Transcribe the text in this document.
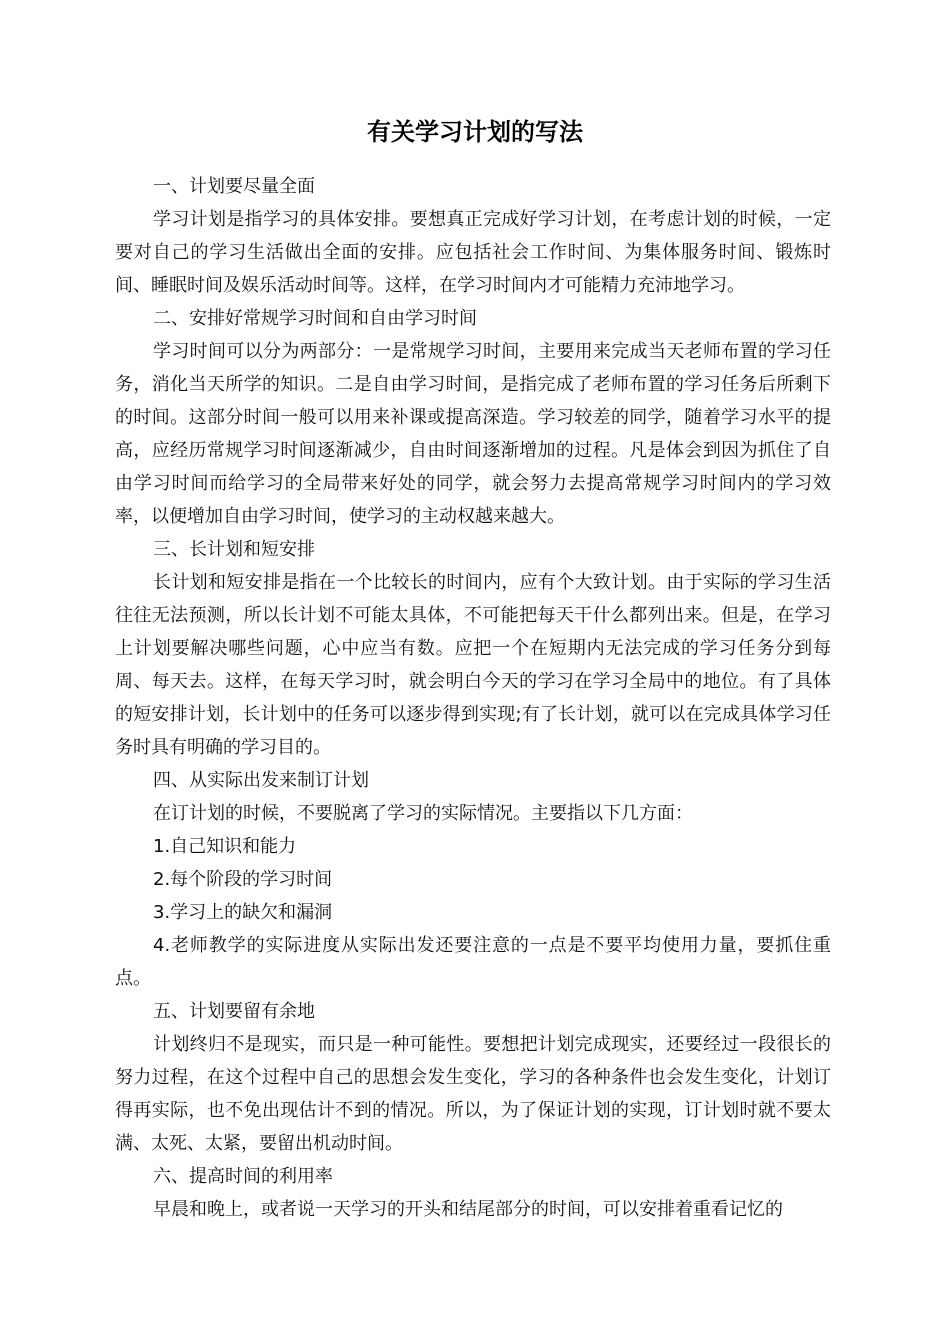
有关学习计划的写法

一、计划要尽量全面

学习计划是指学习的具体安排。要想真正完成好学习计划，在考虑计划的时候，一定要对自己的学习生活做出全面的安排。应包括社会工作时间、为集体服务时间、锻炼时间、睡眠时间及娱乐活动时间等。这样，在学习时间内才可能精力充沛地学习。

二、安排好常规学习时间和自由学习时间

学习时间可以分为两部分：一是常规学习时间，主要用来完成当天老师布置的学习任务，消化当天所学的知识。二是自由学习时间，是指完成了老师布置的学习任务后所剩下的时间。这部分时间一般可以用来补课或提高深造。学习较差的同学，随着学习水平的提高，应经历常规学习时间逐渐减少，自由时间逐渐增加的过程。凡是体会到因为抓住了自由学习时间而给学习的全局带来好处的同学，就会努力去提高常规学习时间内的学习效率，以便增加自由学习时间，使学习的主动权越来越大。

三、长计划和短安排

长计划和短安排是指在一个比较长的时间内，应有个大致计划。由于实际的学习生活往往无法预测，所以长计划不可能太具体，不可能把每天干什么都列出来。但是，在学习上计划要解决哪些问题，心中应当有数。应把一个在短期内无法完成的学习任务分到每周、每天去。这样，在每天学习时，就会明白今天的学习在学习全局中的地位。有了具体的短安排计划，长计划中的任务可以逐步得到实现;有了长计划，就可以在完成具体学习任务时具有明确的学习目的。

四、从实际出发来制订计划

在订计划的时候，不要脱离了学习的实际情况。主要指以下几方面：

1.自己知识和能力

2.每个阶段的学习时间

3.学习上的缺欠和漏洞

4.老师教学的实际进度从实际出发还要注意的一点是不要平均使用力量，要抓住重点。

五、计划要留有余地

计划终归不是现实，而只是一种可能性。要想把计划完成现实，还要经过一段很长的努力过程，在这个过程中自己的思想会发生变化，学习的各种条件也会发生变化，计划订得再实际，也不免出现估计不到的情况。所以，为了保证计划的实现，订计划时就不要太满、太死、太紧，要留出机动时间。

六、提高时间的利用率

早晨和晚上，或者说一天学习的开头和结尾部分的时间，可以安排着重看记忆的
